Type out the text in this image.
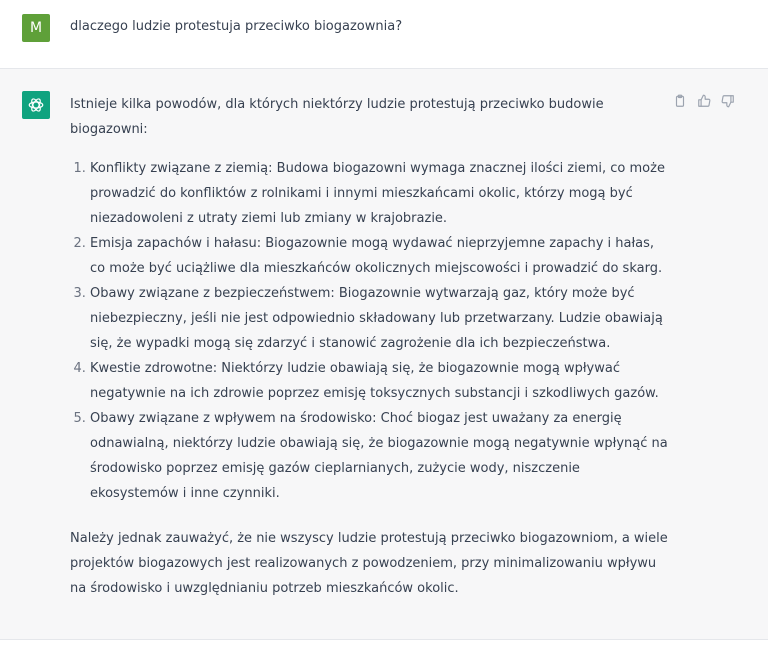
M	dlaczego ludzie protestuja przeciwko biogazownia?

Istnieje kilka powodów, dla których niektórzy ludzie protestują przeciwko budowie biogazowni:

1. Konflikty związane z ziemią: Budowa biogazowni wymaga znacznej ilości ziemi, co może prowadzić do konfliktów z rolnikami i innymi mieszkańcami okolic, którzy mogą być niezadowoleni z utraty ziemi lub zmiany w krajobrazie.
2. Emisja zapachów i hałasu: Biogazownie mogą wydawać nieprzyjemne zapachy i hałas, co może być uciążliwe dla mieszkańców okolicznych miejscowości i prowadzić do skarg.
3. Obawy związane z bezpieczeństwem: Biogazownie wytwarzają gaz, który może być niebezpieczny, jeśli nie jest odpowiednio składowany lub przetwarzany. Ludzie obawiają się, że wypadki mogą się zdarzyć i stanowić zagrożenie dla ich bezpieczeństwa.
4. Kwestie zdrowotne: Niektórzy ludzie obawiają się, że biogazownie mogą wpływać negatywnie na ich zdrowie poprzez emisję toksycznych substancji i szkodliwych gazów.
5. Obawy związane z wpływem na środowisko: Choć biogaz jest uważany za energię odnawialną, niektórzy ludzie obawiają się, że biogazownie mogą negatywnie wpłynąć na środowisko poprzez emisję gazów cieplarnianych, zużycie wody, niszczenie ekosystemów i inne czynniki.

Należy jednak zauważyć, że nie wszyscy ludzie protestują przeciwko biogazowniom, a wiele projektów biogazowych jest realizowanych z powodzeniem, przy minimalizowaniu wpływu na środowisko i uwzględnianiu potrzeb mieszkańców okolic.
